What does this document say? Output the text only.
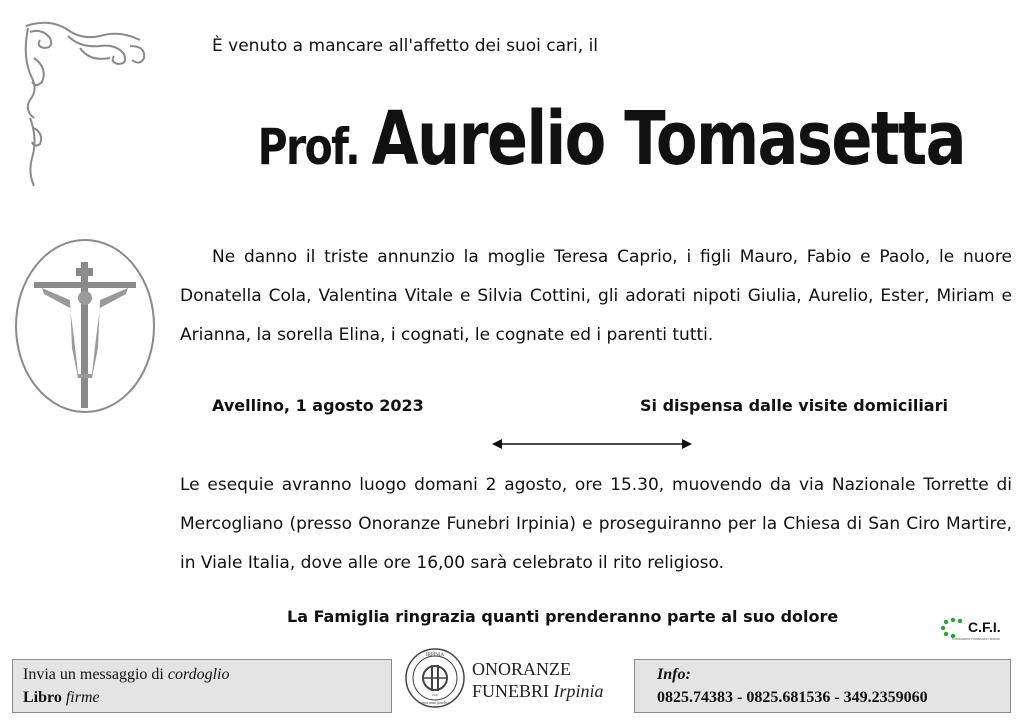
È venuto a mancare all'affetto dei suoi cari, il
Prof. Aurelio Tomasetta
Ne danno il triste annunzio la moglie Teresa Caprio, i figli Mauro, Fabio e Paolo, le nuore Donatella Cola, Valentina Vitale e Silvia Cottini, gli adorati nipoti Giulia, Aurelio, Ester, Miriam e Arianna, la sorella Elina, i cognati, le cognate ed i parenti tutti.
Avellino, 1 agosto 2023	Si dispensa dalle visite domiciliari
Le esequie avranno luogo domani 2 agosto, ore 15.30, muovendo da via Nazionale Torrette di Mercogliano (presso Onoranze Funebri Irpinia) e proseguiranno per la Chiesa di San Ciro Martire, in Viale Italia, dove alle ore 16,00 sarà celebrato il rito religioso.
La Famiglia ringrazia quanti prenderanno parte al suo dolore
C.F.I.
CONSORZIO FUNERARIO IRPINO
Invia un messaggio di cordoglio
Libro firme
IRPINIA
1920
onoranze funebri
ONORANZE
FUNEBRI Irpinia
Info:
0825.74383 - 0825.681536 - 349.2359060
